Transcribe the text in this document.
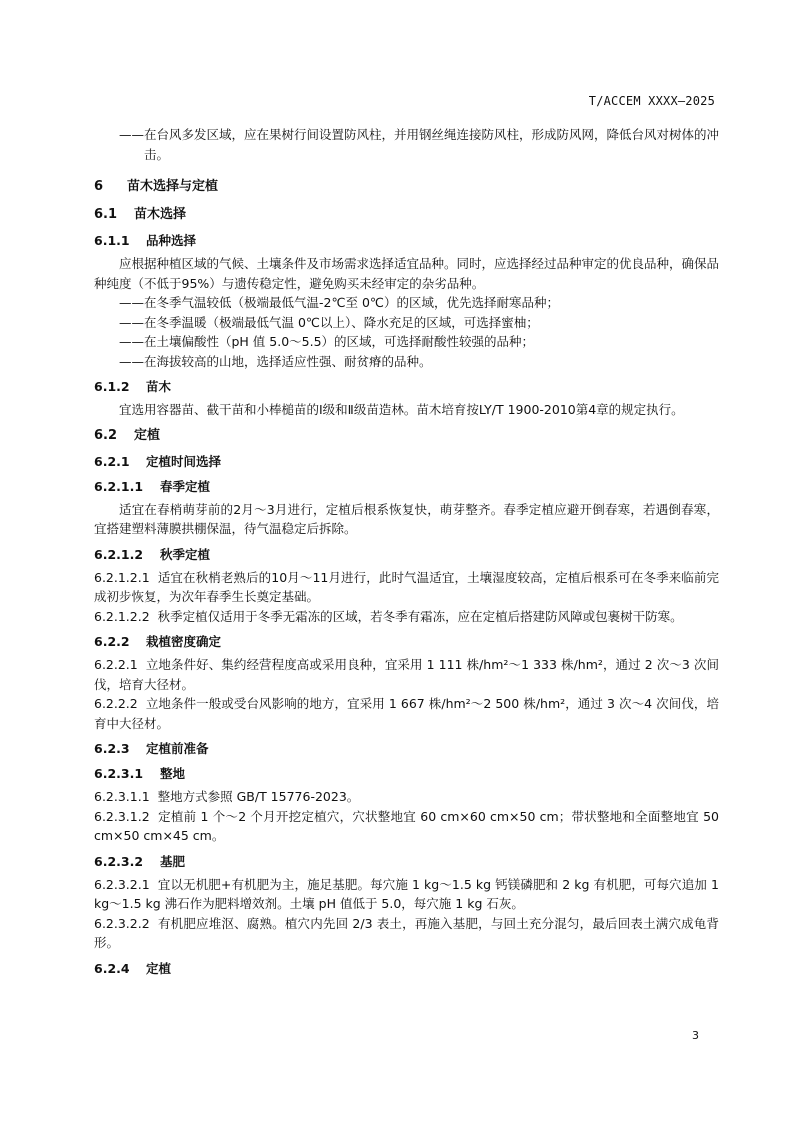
T/ACCEM XXXX—2025

——在台风多发区域，应在果树行间设置防风柱，并用钢丝绳连接防风柱，形成防风网，降低台风对树体的冲击。

6 苗木选择与定植
6.1 苗木选择
6.1.1 品种选择

应根据种植区域的气候、土壤条件及市场需求选择适宜品种。同时，应选择经过品种审定的优良品种，确保品种纯度（不低于95%）与遗传稳定性，避免购买未经审定的杂劣品种。

——在冬季气温较低（极端最低气温-2℃至 0℃）的区域，优先选择耐寒品种；

——在冬季温暖（极端最低气温 0℃以上）、降水充足的区域，可选择蜜柚；

——在土壤偏酸性（pH 值 5.0～5.5）的区域，可选择耐酸性较强的品种；

——在海拔较高的山地，选择适应性强、耐贫瘠的品种。

6.1.2 苗木

宜选用容器苗、截干苗和小棒槌苗的Ⅰ级和Ⅱ级苗造林。苗木培育按LY/T 1900-2010第4章的规定执行。

6.2 定植
6.2.1 定植时间选择
6.2.1.1 春季定植

适宜在春梢萌芽前的2月～3月进行，定植后根系恢复快，萌芽整齐。春季定植应避开倒春寒，若遇倒春寒，宜搭建塑料薄膜拱棚保温，待气温稳定后拆除。

6.2.1.2 秋季定植

6.2.1.2.1 适宜在秋梢老熟后的10月～11月进行，此时气温适宜，土壤湿度较高，定植后根系可在冬季来临前完成初步恢复，为次年春季生长奠定基础。

6.2.1.2.2 秋季定植仅适用于冬季无霜冻的区域，若冬季有霜冻，应在定植后搭建防风障或包裹树干防寒。

6.2.2 栽植密度确定

6.2.2.1 立地条件好、集约经营程度高或采用良种，宜采用 1 111 株/hm²～1 333 株/hm²，通过 2 次～3 次间伐，培育大径材。

6.2.2.2 立地条件一般或受台风影响的地方，宜采用 1 667 株/hm²～2 500 株/hm²，通过 3 次～4 次间伐，培育中大径材。

6.2.3 定植前准备
6.2.3.1 整地

6.2.3.1.1 整地方式参照 GB/T 15776-2023。

6.2.3.1.2 定植前 1 个～2 个月开挖定植穴，穴状整地宜 60 cm×60 cm×50 cm；带状整地和全面整地宜 50 cm×50 cm×45 cm。

6.2.3.2 基肥

6.2.3.2.1 宜以无机肥+有机肥为主，施足基肥。每穴施 1 kg～1.5 kg 钙镁磷肥和 2 kg 有机肥，可每穴追加 1 kg～1.5 kg 沸石作为肥料增效剂。土壤 pH 值低于 5.0，每穴施 1 kg 石灰。

6.2.3.2.2 有机肥应堆沤、腐熟。植穴内先回 2/3 表土，再施入基肥，与回土充分混匀，最后回表土满穴成龟背形。

6.2.4 定植
3
